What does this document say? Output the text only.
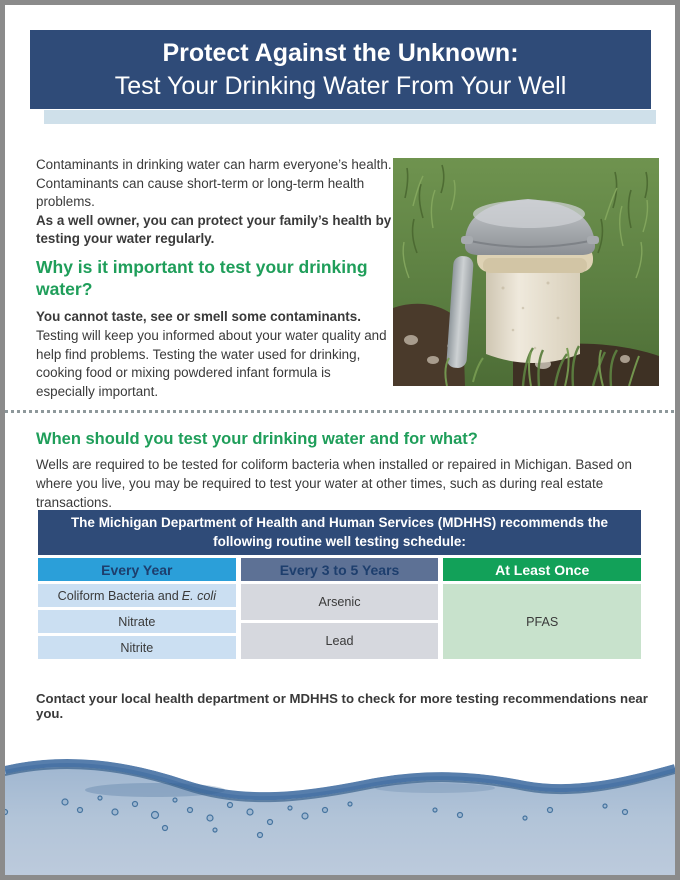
Protect Against the Unknown:
Test Your Drinking Water From Your Well

Contaminants in drinking water can harm everyone’s health. Contaminants can cause short-term or long-term health problems.

As a well owner, you can protect your family’s health by testing your water regularly.

Why is it important to test your drinking water?

You cannot taste, see or smell some contaminants.

Testing will keep you informed about your water quality and help find problems. Testing the water used for drinking, cooking food or mixing powdered infant formula is especially important.

When should you test your drinking water and for what?

Wells are required to be tested for coliform bacteria when installed or repaired in Michigan. Based on where you live, you may be required to test your water at other times, such as during real estate transactions.

The Michigan Department of Health and Human Services (MDHHS) recommends the following routine well testing schedule:
Every Year
Coliform Bacteria and E. coli
Nitrate
Nitrite
Every 3 to 5 Years
Arsenic
Lead
At Least Once
PFAS
Contact your local health department or MDHHS to check for more testing recommendations near you.
